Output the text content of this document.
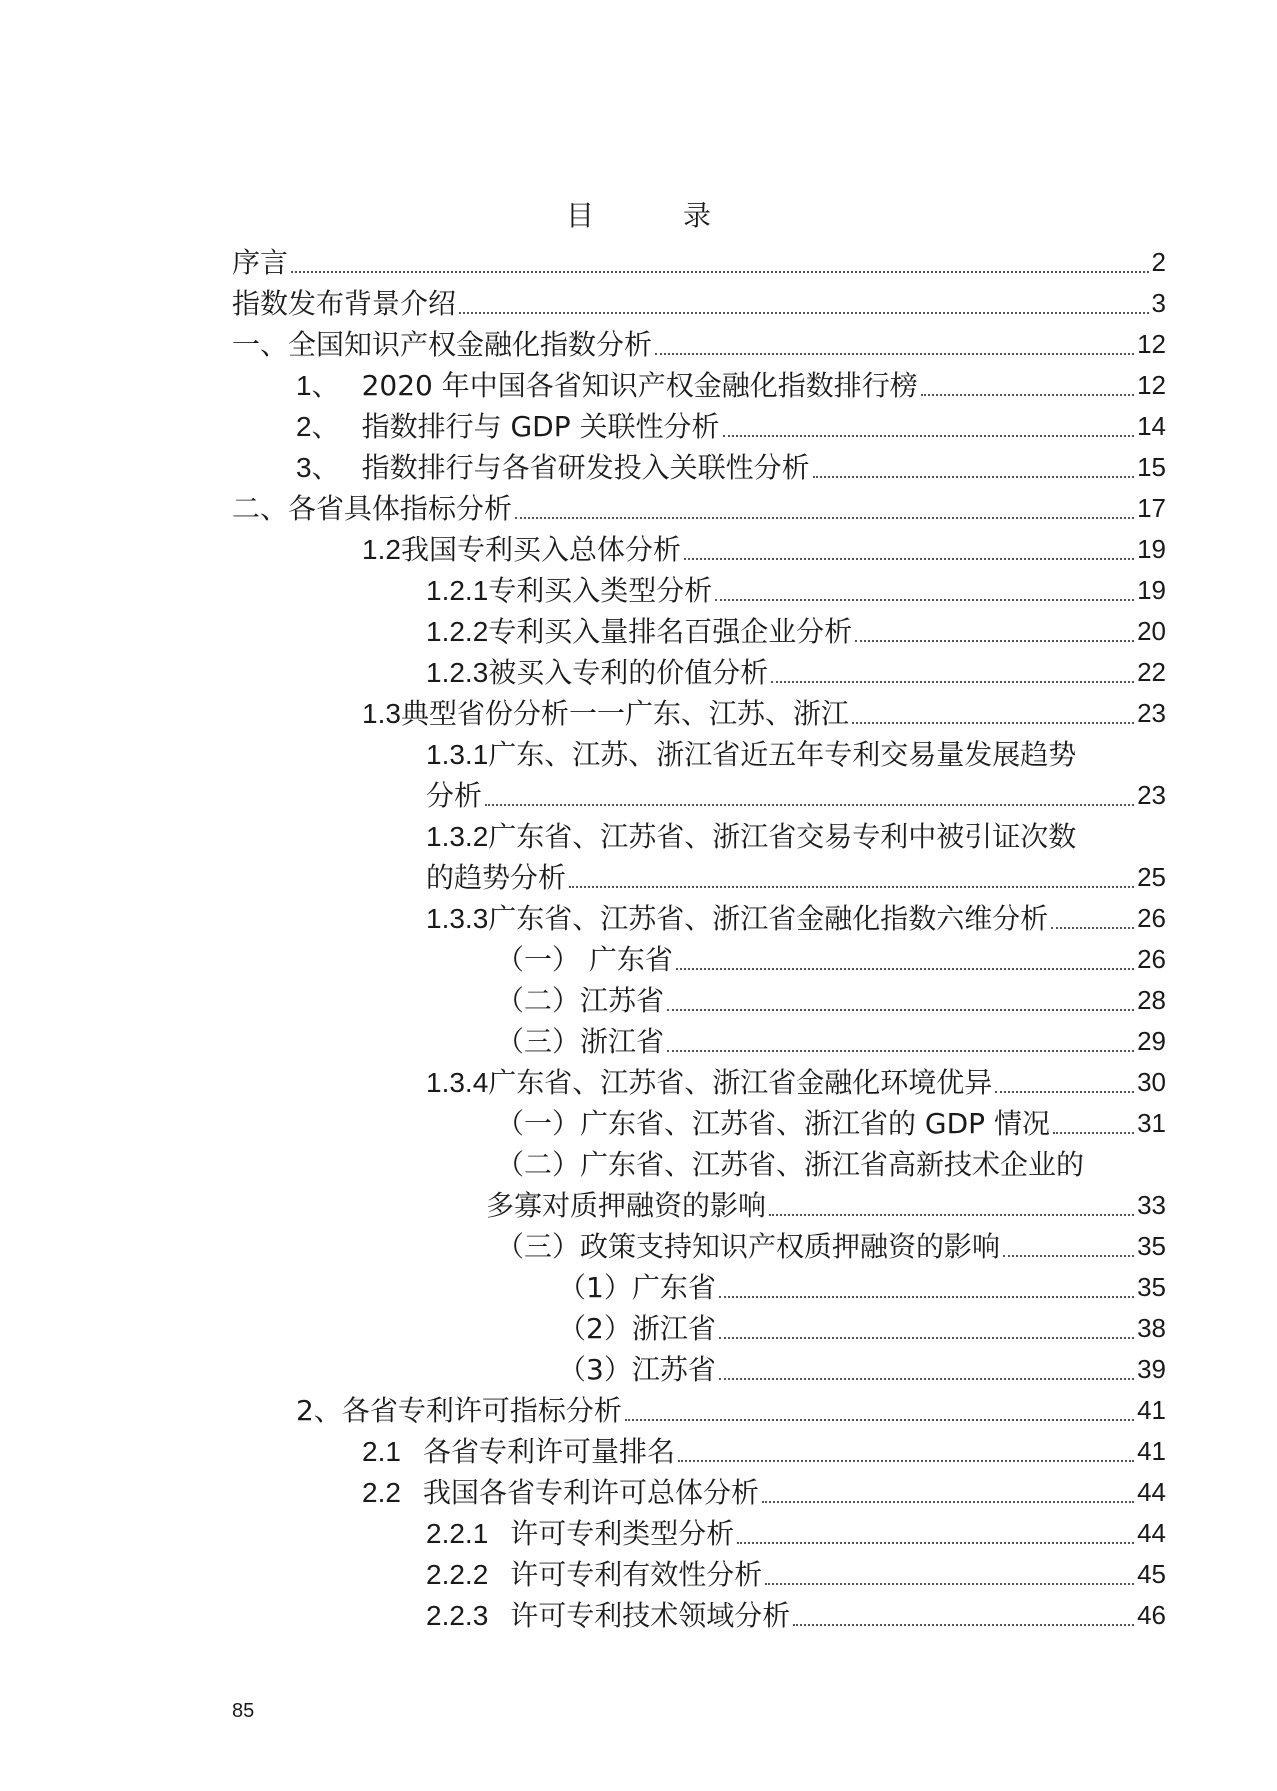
目 录
序言	2
指数发布背景介绍	3
一、全国知识产权金融化指数分析	12
1、 2020 年中国各省知识产权金融化指数排行榜	12
2、 指数排行与 GDP 关联性分析	14
3、 指数排行与各省研发投入关联性分析	15
二、各省具体指标分析	17
1.2 我国专利买入总体分析	19
1.2.1 专利买入类型分析	19
1.2.2 专利买入量排名百强企业分析	20
1.2.3 被买入专利的价值分析	22
1.3 典型省份分析一一广东、江苏、浙江	23
1.3.1 广东、江苏、浙江省近五年专利交易量发展趋势
分析	23
1.3.2 广东省、江苏省、浙江省交易专利中被引证次数
的趋势分析	25
1.3.3 广东省、江苏省、浙江省金融化指数六维分析	26
（一） 广东省	26
（二）江苏省	28
（三）浙江省	29
1.3.4 广东省、江苏省、浙江省金融化环境优异	30
（一）广东省、江苏省、浙江省的 GDP 情况	31
（二）广东省、江苏省、浙江省高新技术企业的
多寡对质押融资的影响	33
（三）政策支持知识产权质押融资的影响	35
（1）广东省	35
（2）浙江省	38
（3）江苏省	39
2、各省专利许可指标分析	41
2.1 各省专利许可量排名	41
2.2 我国各省专利许可总体分析	44
2.2.1 许可专利类型分析	44
2.2.2 许可专利有效性分析	45
2.2.3 许可专利技术领域分析	46
85
